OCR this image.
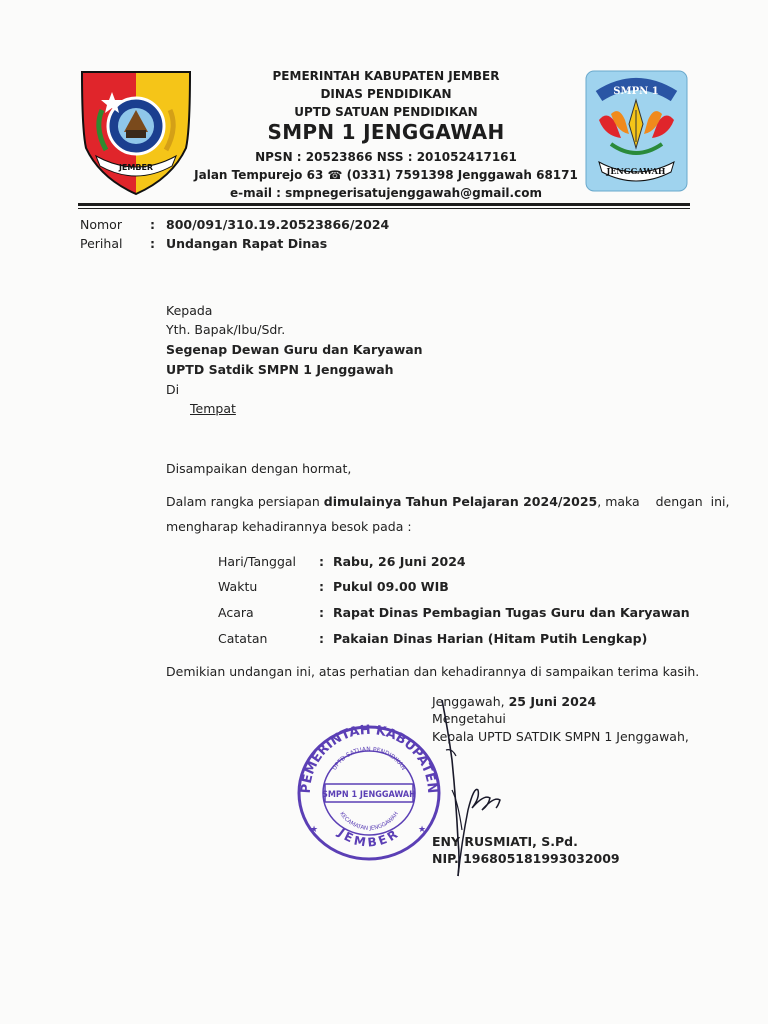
JEMBER
PEMERINTAH KABUPATEN JEMBER
DINAS PENDIDIKAN
UPTD SATUAN PENDIDIKAN
SMPN 1 JENGGAWAH
NPSN : 20523866 NSS : 201052417161
Jalan Tempurejo 63 ☎ (0331) 7591398 Jenggawah 68171
e-mail : smpnegerisatujenggawah@gmail.com
SMPN 1
JENGGAWAH
Nomor : 800/091/310.19.20523866/2024
Perihal : Undangan Rapat Dinas
Kepada
Yth. Bapak/Ibu/Sdr.
Segenap Dewan Guru dan Karyawan
UPTD Satdik SMPN 1 Jenggawah
Di
Tempat
Disampaikan dengan hormat,
Dalam rangka persiapan dimulainya Tahun Pelajaran 2024/2025, maka    dengan  ini,
mengharap kehadirannya besok pada :
Hari/Tanggal : Rabu, 26 Juni 2024
Waktu	: Pukul 09.00 WIB
Acara	: Rapat Dinas Pembagian Tugas Guru dan Karyawan
Catatan	: Pakaian Dinas Harian (Hitam Putih Lengkap)
Demikian undangan ini, atas perhatian dan kehadirannya di sampaikan terima kasih.
Jenggawah, 25 Juni 2024
Mengetahui
Kepala UPTD SATDIK SMPN 1 Jenggawah,
ENY RUSMIATI, S.Pd.
NIP. 196805181993032009
PEMERINTAH KABUPATEN
JEMBER
UPTD SATUAN PENDIDIKAN
KECAMATAN JENGGAWAH
SMPN 1 JENGGAWAH
★	★
